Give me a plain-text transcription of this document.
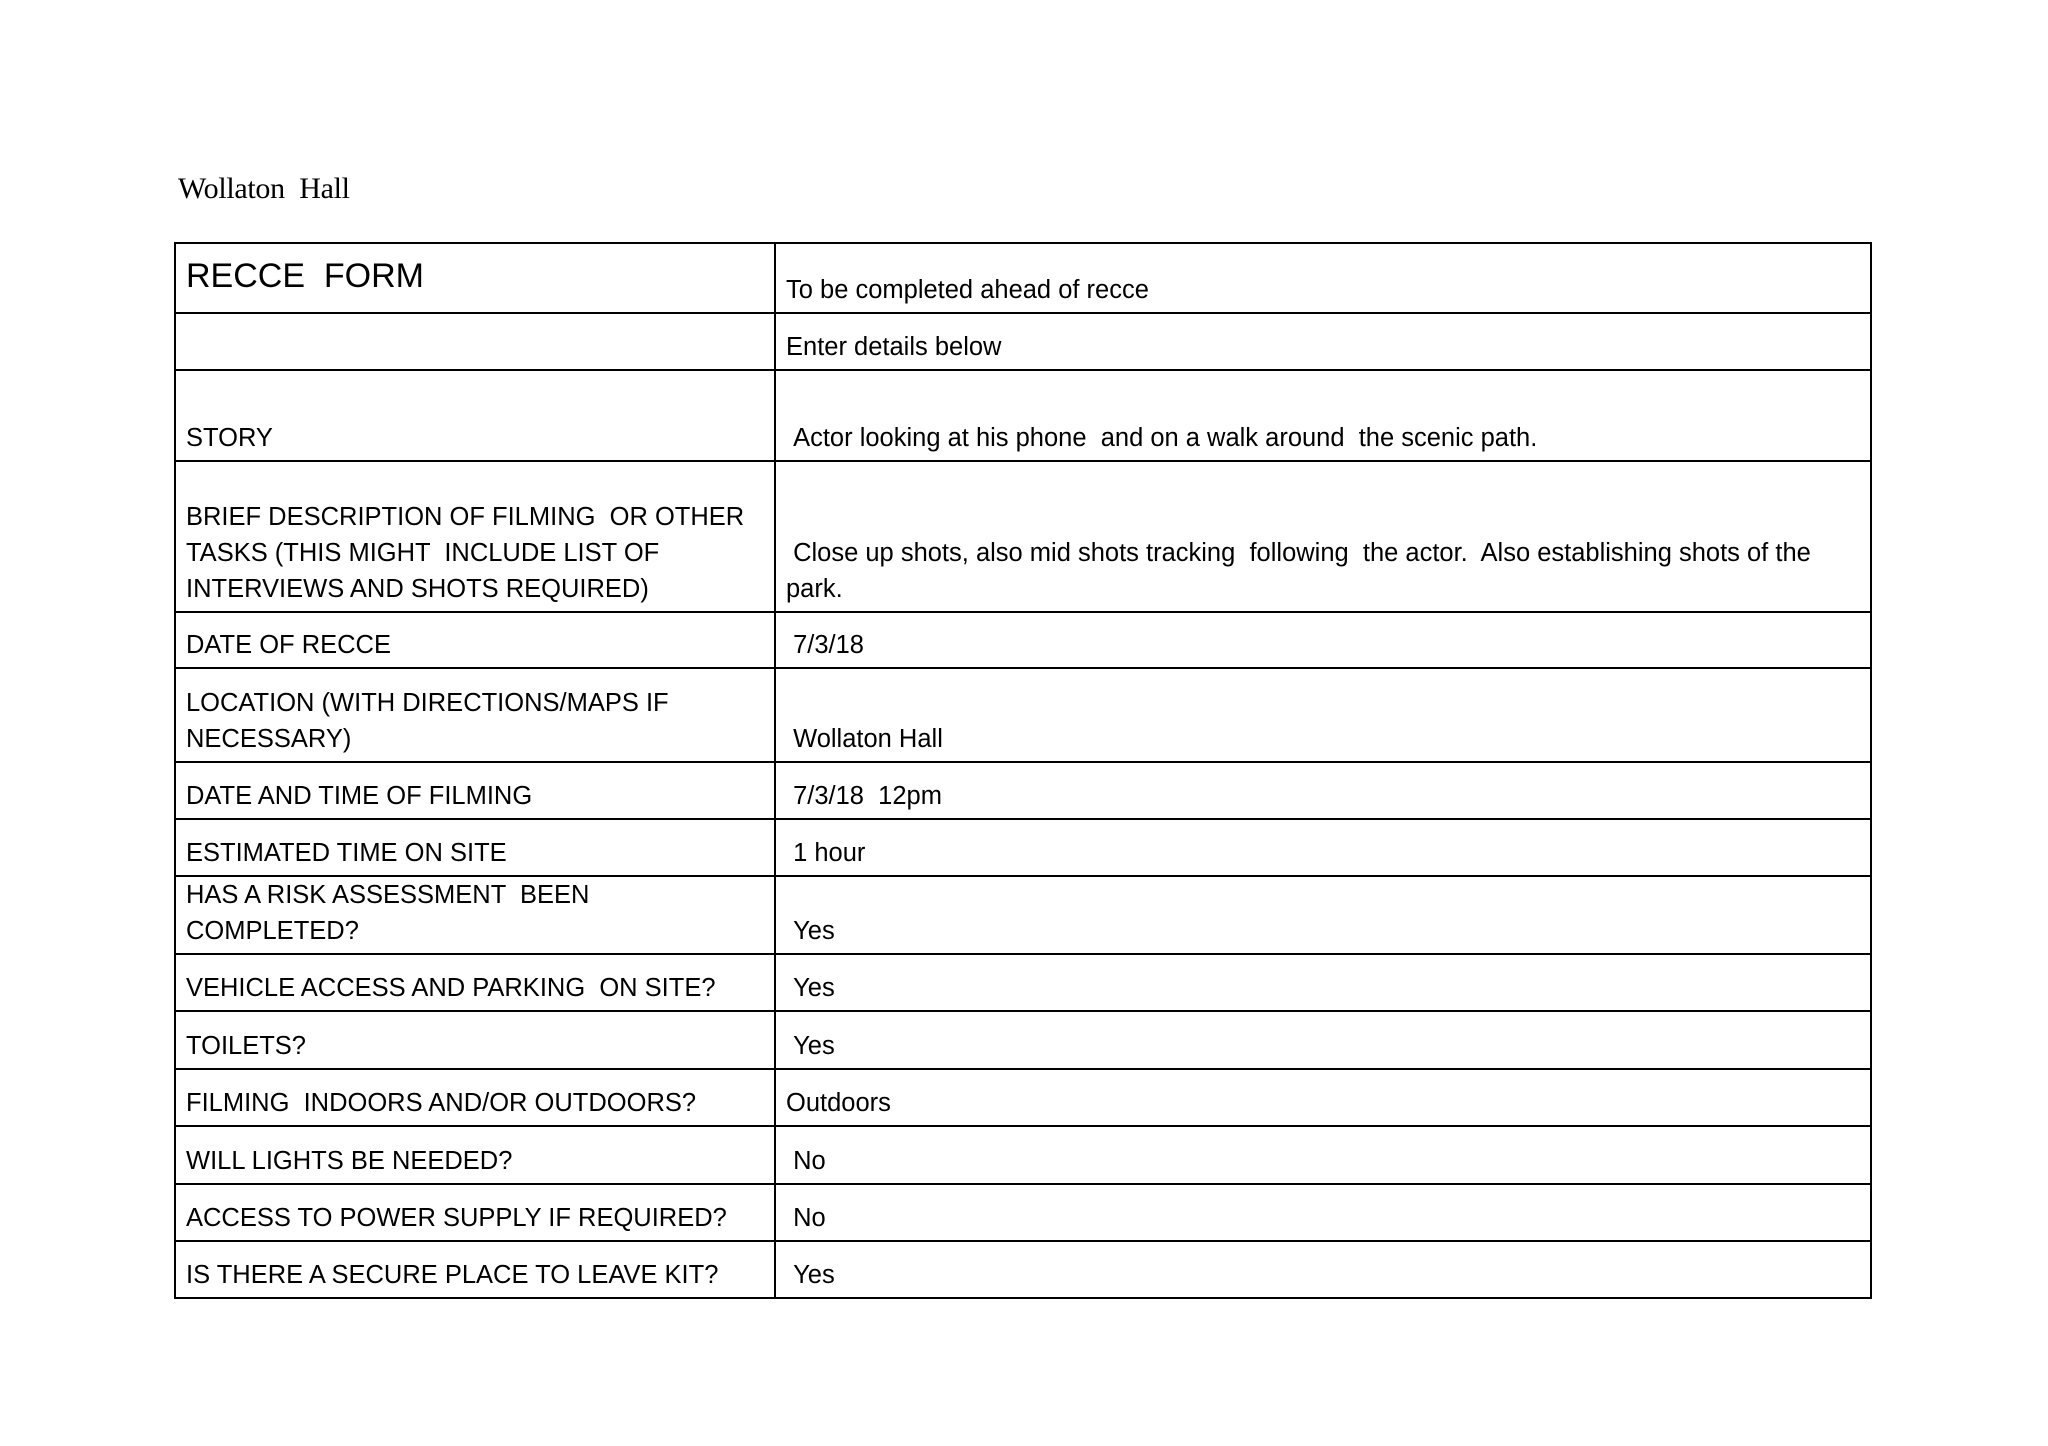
Wollaton  Hall
RECCE  FORM	To be completed ahead of recce
	Enter details below
STORY	Actor looking at his phone  and on a walk around  the scenic path.
BRIEF DESCRIPTION OF FILMING  OR OTHER TASKS (THIS MIGHT  INCLUDE LIST OF INTERVIEWS AND SHOTS REQUIRED)	Close up shots, also mid shots tracking  following  the actor.  Also establishing shots of the park.
DATE OF RECCE	7/3/18
LOCATION (WITH DIRECTIONS/MAPS IF NECESSARY)	Wollaton Hall
DATE AND TIME OF FILMING	7/3/18  12pm
ESTIMATED TIME ON SITE	1 hour
HAS A RISK ASSESSMENT  BEEN COMPLETED?	Yes
VEHICLE ACCESS AND PARKING  ON SITE?	Yes
TOILETS?	Yes
FILMING  INDOORS AND/OR OUTDOORS?	Outdoors
WILL LIGHTS BE NEEDED?	No
ACCESS TO POWER SUPPLY IF REQUIRED?	No
IS THERE A SECURE PLACE TO LEAVE KIT?	Yes
